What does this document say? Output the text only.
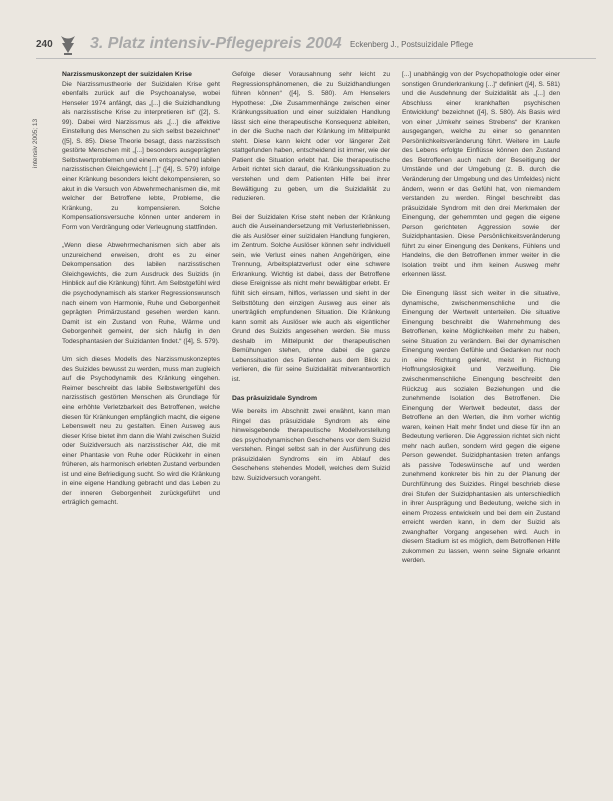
240 3. Platz intensiv-Pflegepreis 2004 Eckenberg J., Postsuizidale Pflege
intensiv 2005; 13
Narzissmuskonzept der suizidalen Krise

Die Narzissmustheorie der Suizidalen Krise geht ebenfalls zurück auf die Psychoanalyse, wobei Henseler 1974 anfängt, das „[...] die Suizidhandlung als narzisstische Krise zu interpretieren ist“ ([2], S. 99). Dabei wird Narzissmus als „[...] die affektive Einstellung des Menschen zu sich selbst bezeichnet“ ([5], S. 85). Diese Theorie besagt, dass narzisstisch gestörte Menschen mit „[...] besonders ausgeprägten Selbstwertproblemen und einem entsprechend labilen narzisstischen Gleichgewicht [...]“ ([4], S. 579) infolge einer Kränkung besonders leicht dekompensieren, so akut in die Versuch von Abwehrmechanismen die, mit welcher der Betroffene lebte, Probleme, die Kränkung, zu kompensieren. Solche Kompensationsversuche können unter anderem in Form von Verdrängung oder Verleugnung stattfinden.

„Wenn diese Abwehrmechanismen sich aber als unzureichend erweisen, droht es zu einer Dekompensation des labilen narzisstischen Gleichgewichts, die zum Ausdruck des Suizids (in Hinblick auf die Kränkung) führt. Am Selbstgefühl wird die psychodynamisch als starker Regressionswunsch nach einem von Harmonie, Ruhe und Geborgenheit geprägten Primärzustand gesehen werden kann. Damit ist ein Zustand von Ruhe, Wärme und Geborgenheit gemeint, der sich häufig in den Todesphantasien der Suizidanten findet.“ ([4], S. 579).

Um sich dieses Modells des Narzissmuskonzeptes des Suizides bewusst zu werden, muss man zugleich auf die Psychodynamik des Kränkung eingehen. Reimer beschreibt das labile Selbstwertgefühl des narzisstisch gestörten Menschen als Grundlage für eine erhöhte Verletzbarkeit des Betroffenen, welche diesen für Kränkungen empfänglich macht, die eigene Lebenswelt neu zu gestalten. Einen Ausweg aus dieser Krise bietet ihm dann die Wahl zwischen Suizid oder Suizidversuch als narzisstischer Akt, die mit einer Phantasie von Ruhe oder Rückkehr in einen früheren, als harmonisch erlebten Zustand verbunden ist und eine Befriedigung sucht. So wird die Kränkung in eine eigene Handlung gebracht und das Leben zu der inneren Geborgenheit zurückgeführt und erträglich gemacht.

Gefolge dieser Vorausahnung sehr leicht zu Regressionsphänomenen, die zu Suizidhandlungen führen können“ ([4], S. 580). Am Henselers Hypothese: „Die Zusammenhänge zwischen einer Kränkungssituation und einer suizidalen Handlung lässt sich eine therapeutische Konsequenz ableiten, in der die Suche nach der Kränkung im Mittelpunkt steht. Diese kann leicht oder vor längerer Zeit stattgefunden haben, entscheidend ist immer, wie der Patient die Situation erlebt hat. Die therapeutische Arbeit richtet sich darauf, die Kränkungssituation zu verstehen und dem Patienten Hilfe bei ihrer Bewältigung zu geben, um die Suizidalität zu reduzieren.

Bei der Suizidalen Krise steht neben der Kränkung auch die Auseinandersetzung mit Verlusterlebnissen, die als Auslöser einer suizidalen Handlung fungieren, im Zentrum. Solche Auslöser können sehr individuell sein, wie Verlust eines nahen Angehörigen, eine Trennung, Arbeitsplatzverlust oder eine schwere Erkrankung. Wichtig ist dabei, dass der Betroffene diese Ereignisse als nicht mehr bewältigbar erlebt. Er fühlt sich einsam, hilflos, verlassen und sieht in der Selbsttötung den einzigen Ausweg aus einer als unerträglich empfundenen Situation. Die Kränkung kann somit als Auslöser wie auch als eigentlicher Grund des Suizids angesehen werden. Sie muss deshalb im Mittelpunkt der therapeutischen Bemühungen stehen, ohne dabei die ganze Lebenssituation des Patienten aus dem Blick zu verlieren, die für seine Suizidalität mitverantwortlich ist.

Das präsuizidale Syndrom

Wie bereits im Abschnitt zwei erwähnt, kann man Ringel das präsuizidale Syndrom als eine hinweisgebende therapeutische Modellvorstellung des psychodynamischen Geschehens vor dem Suizid verstehen. Ringel selbst sah in der Ausführung des präsuizidalen Syndroms ein im Ablauf des Geschehens stehendes Modell, welches dem Suizid bzw. Suizidversuch vorangeht.

[...] unabhängig von der Psychopathologie oder einer sonstigen Grunderkrankung [...]“ definiert ([4], S. 581) und die Ausdehnung der Suizidalität als „[...] den Abschluss einer krankhaften psychischen Entwicklung“ bezeichnet ([4], S. 580). Als Basis wird von einer „Umkehr seines Strebens“ der Kranken ausgegangen, welche zu einer so genannten Persönlichkeitsveränderung führt. Weitere im Laufe des Lebens erfolgte Einflüsse können den Zustand des Betroffenen auch nach der Beseitigung der Umstände und der Umgebung (z. B. durch die Veränderung der Umgebung und des Umfeldes) nicht ändern, wenn er das Gefühl hat, von niemandem verstanden zu werden. Ringel beschreibt das präsuizidale Syndrom mit den drei Merkmalen der Einengung, der gehemmten und gegen die eigene Person gerichteten Aggression sowie der Suizidphantasien. Diese Persönlichkeitsveränderung führt zu einer Einengung des Denkens, Fühlens und Handelns, die den Betroffenen immer weiter in die Isolation treibt und ihm keinen Ausweg mehr erkennen lässt.

Die Einengung lässt sich weiter in die situative, dynamische, zwischenmenschliche und die Einengung der Wertwelt unterteilen. Die situative Einengung beschreibt die Wahrnehmung des Betroffenen, keine Möglichkeiten mehr zu haben, seine Situation zu verändern. Bei der dynamischen Einengung werden Gefühle und Gedanken nur noch in eine Richtung gelenkt, meist in Richtung Hoffnungslosigkeit und Verzweiflung. Die zwischenmenschliche Einengung beschreibt den Rückzug aus sozialen Beziehungen und die zunehmende Isolation des Betroffenen. Die Einengung der Wertwelt bedeutet, dass der Betroffene an den Werten, die ihm vorher wichtig waren, keinen Halt mehr findet und diese für ihn an Bedeutung verlieren. Die Aggression richtet sich nicht mehr nach außen, sondern wird gegen die eigene Person gewendet. Suizidphantasien treten anfangs als passive Todeswünsche auf und werden zunehmend konkreter bis hin zu der Planung der Durchführung des Suizides. Ringel beschrieb diese drei Stufen der Suizidphantasien als unterschiedlich in ihrer Ausprägung und Bedeutung, welche sich in einem Prozess entwickeln und bei dem ein Zustand erreicht werden kann, in dem der Suizid als zwanghafter Vorgang angesehen wird. Auch in diesem Stadium ist es möglich, dem Betroffenen Hilfe zukommen zu lassen, wenn seine Signale erkannt werden.
